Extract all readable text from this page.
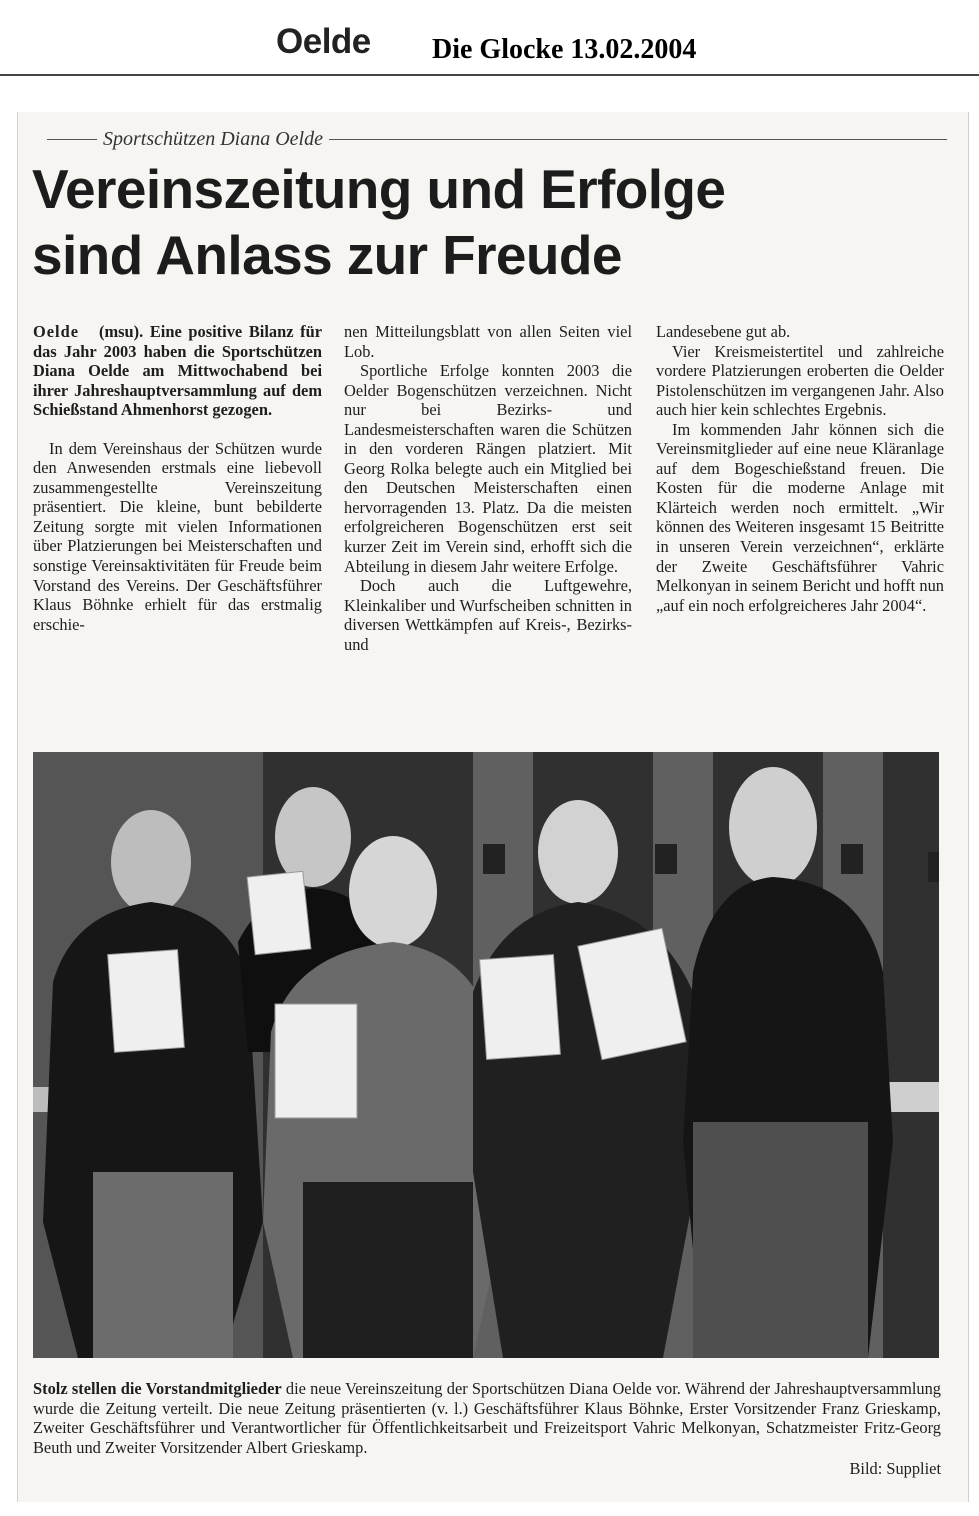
Oelde Die Glocke 13.02.2004
Sportschützen Diana Oelde
Vereinszeitung und Erfolge
sind Anlass zur Freude

Oelde (msu). Eine positive Bilanz für das Jahr 2003 haben die Sportschützen Diana Oelde am Mittwochabend bei ihrer Jahreshauptversammlung auf dem Schießstand Ahmenhorst gezogen.

In dem Vereinshaus der Schützen wurde den Anwesenden erstmals eine liebevoll zusammengestellte Vereinszeitung präsentiert. Die kleine, bunt bebilderte Zeitung sorgte mit vielen Informationen über Platzierungen bei Meisterschaften und sonstige Vereinsaktivitäten für Freude beim Vorstand des Vereins. Der Geschäftsführer Klaus Böhnke erhielt für das erstmalig erschie-

nen Mitteilungsblatt von allen Seiten viel Lob.

Sportliche Erfolge konnten 2003 die Oelder Bogenschützen verzeichnen. Nicht nur bei Bezirks- und Landesmeisterschaften waren die Schützen in den vorderen Rängen platziert. Mit Georg Rolka belegte auch ein Mitglied bei den Deutschen Meisterschaften einen hervorragenden 13. Platz. Da die meisten erfolgreicheren Bogenschützen erst seit kurzer Zeit im Verein sind, erhofft sich die Abteilung in diesem Jahr weitere Erfolge.

Doch auch die Luftgewehre, Kleinkaliber und Wurfscheiben schnitten in diversen Wettkämpfen auf Kreis-, Bezirks- und

Landesebene gut ab.

Vier Kreismeistertitel und zahlreiche vordere Platzierungen eroberten die Oelder Pistolenschützen im vergangenen Jahr. Also auch hier kein schlechtes Ergebnis.

Im kommenden Jahr können sich die Vereinsmitglieder auf eine neue Kläranlage auf dem Bogeschießstand freuen. Die Kosten für die moderne Anlage mit Klärteich werden noch ermittelt. „Wir können des Weiteren insgesamt 15 Beitritte in unseren Verein verzeichnen“, erklärte der Zweite Geschäftsführer Vahric Melkonyan in seinem Bericht und hofft nun „auf ein noch erfolgreicheres Jahr 2004“.

Stolz stellen die Vorstandmitglieder die neue Vereinszeitung der Sportschützen Diana Oelde vor. Während der Jahreshauptversammlung wurde die Zeitung verteilt. Die neue Zeitung präsentierten (v. l.) Geschäftsführer Klaus Böhnke, Erster Vorsitzender Franz Grieskamp, Zweiter Geschäftsführer und Verantwortlicher für Öffentlichkeitsarbeit und Freizeitsport Vahric Melkonyan, Schatzmeister Fritz-Georg Beuth und Zweiter Vorsitzender Albert Grieskamp.
Bild: Suppliet
